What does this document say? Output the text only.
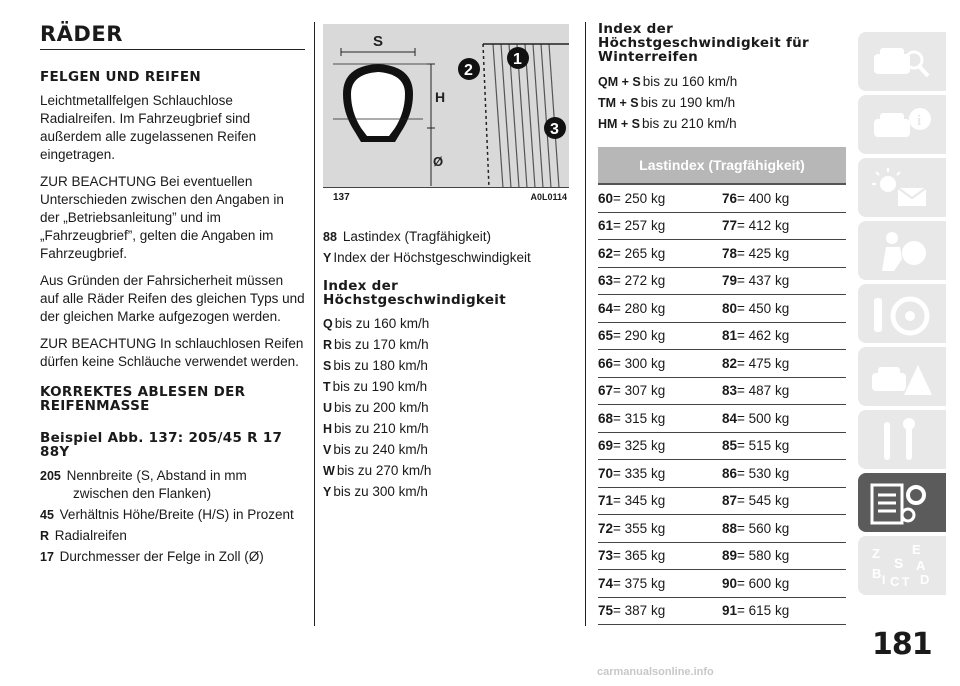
RÄDER
FELGEN UND REIFEN

Leichtmetallfelgen Schlauchlose Radialreifen. Im Fahrzeugbrief sind außerdem alle zugelassenen Reifen eingetragen.

ZUR BEACHTUNG Bei eventuellen Unterschieden zwischen den Angaben in der „Betriebsanleitung” und im „Fahrzeugbrief”, gelten die Angaben im Fahrzeugbrief.

Aus Gründen der Fahrsicherheit müssen auf alle Räder Reifen des gleichen Typs und der gleichen Marke aufgezogen werden.

ZUR BEACHTUNG In schlauchlosen Reifen dürfen keine Schläuche verwendet werden.

KORREKTES ABLESEN DER REIFENMASSE
Beispiel Abb. 137: 205/45 R 17 88Y
205 Nennbreite (S, Abstand in mm zwischen den Flanken)
45 Verhältnis Höhe/Breite (H/S) in Prozent
R Radialreifen
17 Durchmesser der Felge in Zoll (Ø)
S
H
Ø
1
2
3
137	A0L0114
88 Lastindex (Tragfähigkeit)
Y Index der Höchstgeschwindigkeit
Index der Höchstgeschwindigkeit
Q bis zu 160 km/h
R bis zu 170 km/h
S bis zu 180 km/h
T bis zu 190 km/h
U bis zu 200 km/h
H bis zu 210 km/h
V bis zu 240 km/h
W bis zu 270 km/h
Y bis zu 300 km/h
Index der Höchstgeschwindigkeit für Winterreifen
QM + S bis zu 160 km/h
TM + S bis zu 190 km/h
HM + S bis zu 210 km/h
Lastindex (Tragfähigkeit)
60= 250 kg	76= 400 kg
61= 257 kg	77= 412 kg
62= 265 kg	78= 425 kg
63= 272 kg	79= 437 kg
64= 280 kg	80= 450 kg
65= 290 kg	81= 462 kg
66= 300 kg	82= 475 kg
67= 307 kg	83= 487 kg
68= 315 kg	84= 500 kg
69= 325 kg	85= 515 kg
70= 335 kg	86= 530 kg
71= 345 kg	87= 545 kg
72= 355 kg	88= 560 kg
73= 365 kg	89= 580 kg
74= 375 kg	90= 600 kg
75= 387 kg	91= 615 kg
i
Z E
S A
B
C T
I	D
181
carmanualsonline.info
